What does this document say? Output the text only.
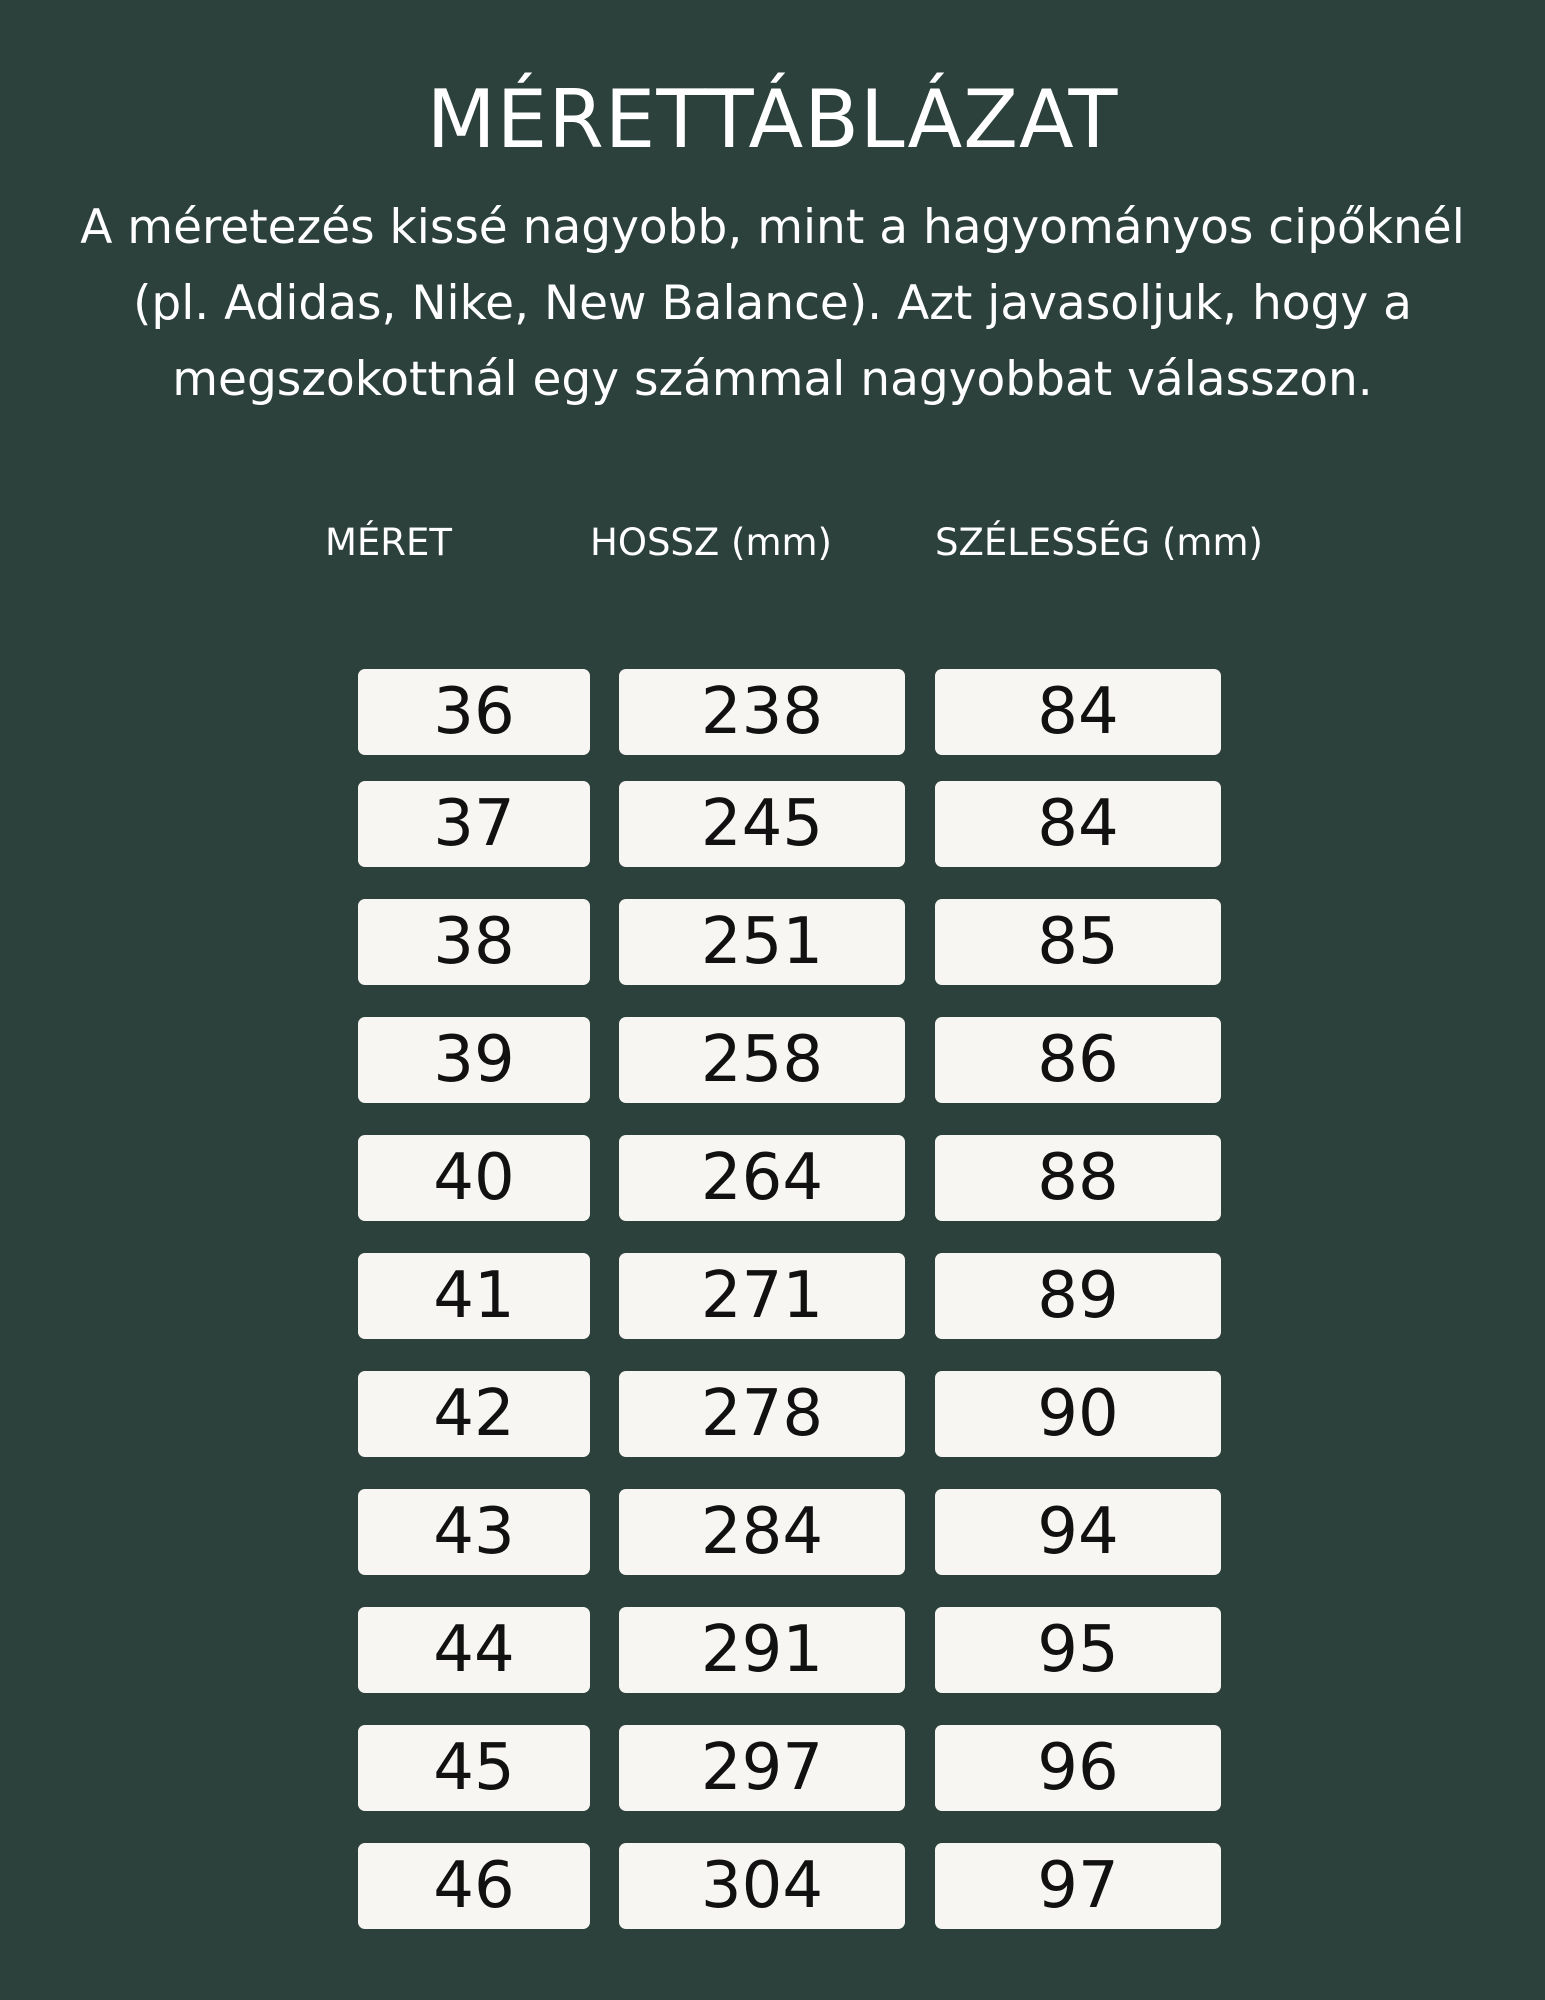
MÉRETTÁBLÁZAT

A méretezés kissé nagyobb, mint a hagyományos cipőknél (pl. Adidas, Nike, New Balance). Azt javasoljuk, hogy a megszokottnál egy számmal nagyobbat válasszon.

MÉRET	HOSSZ (mm)	SZÉLESSÉG (mm)
36	238	84
37	245	84
38	251	85
39	258	86
40	264	88
41	271	89
42	278	90
43	284	94
44	291	95
45	297	96
46	304	97
